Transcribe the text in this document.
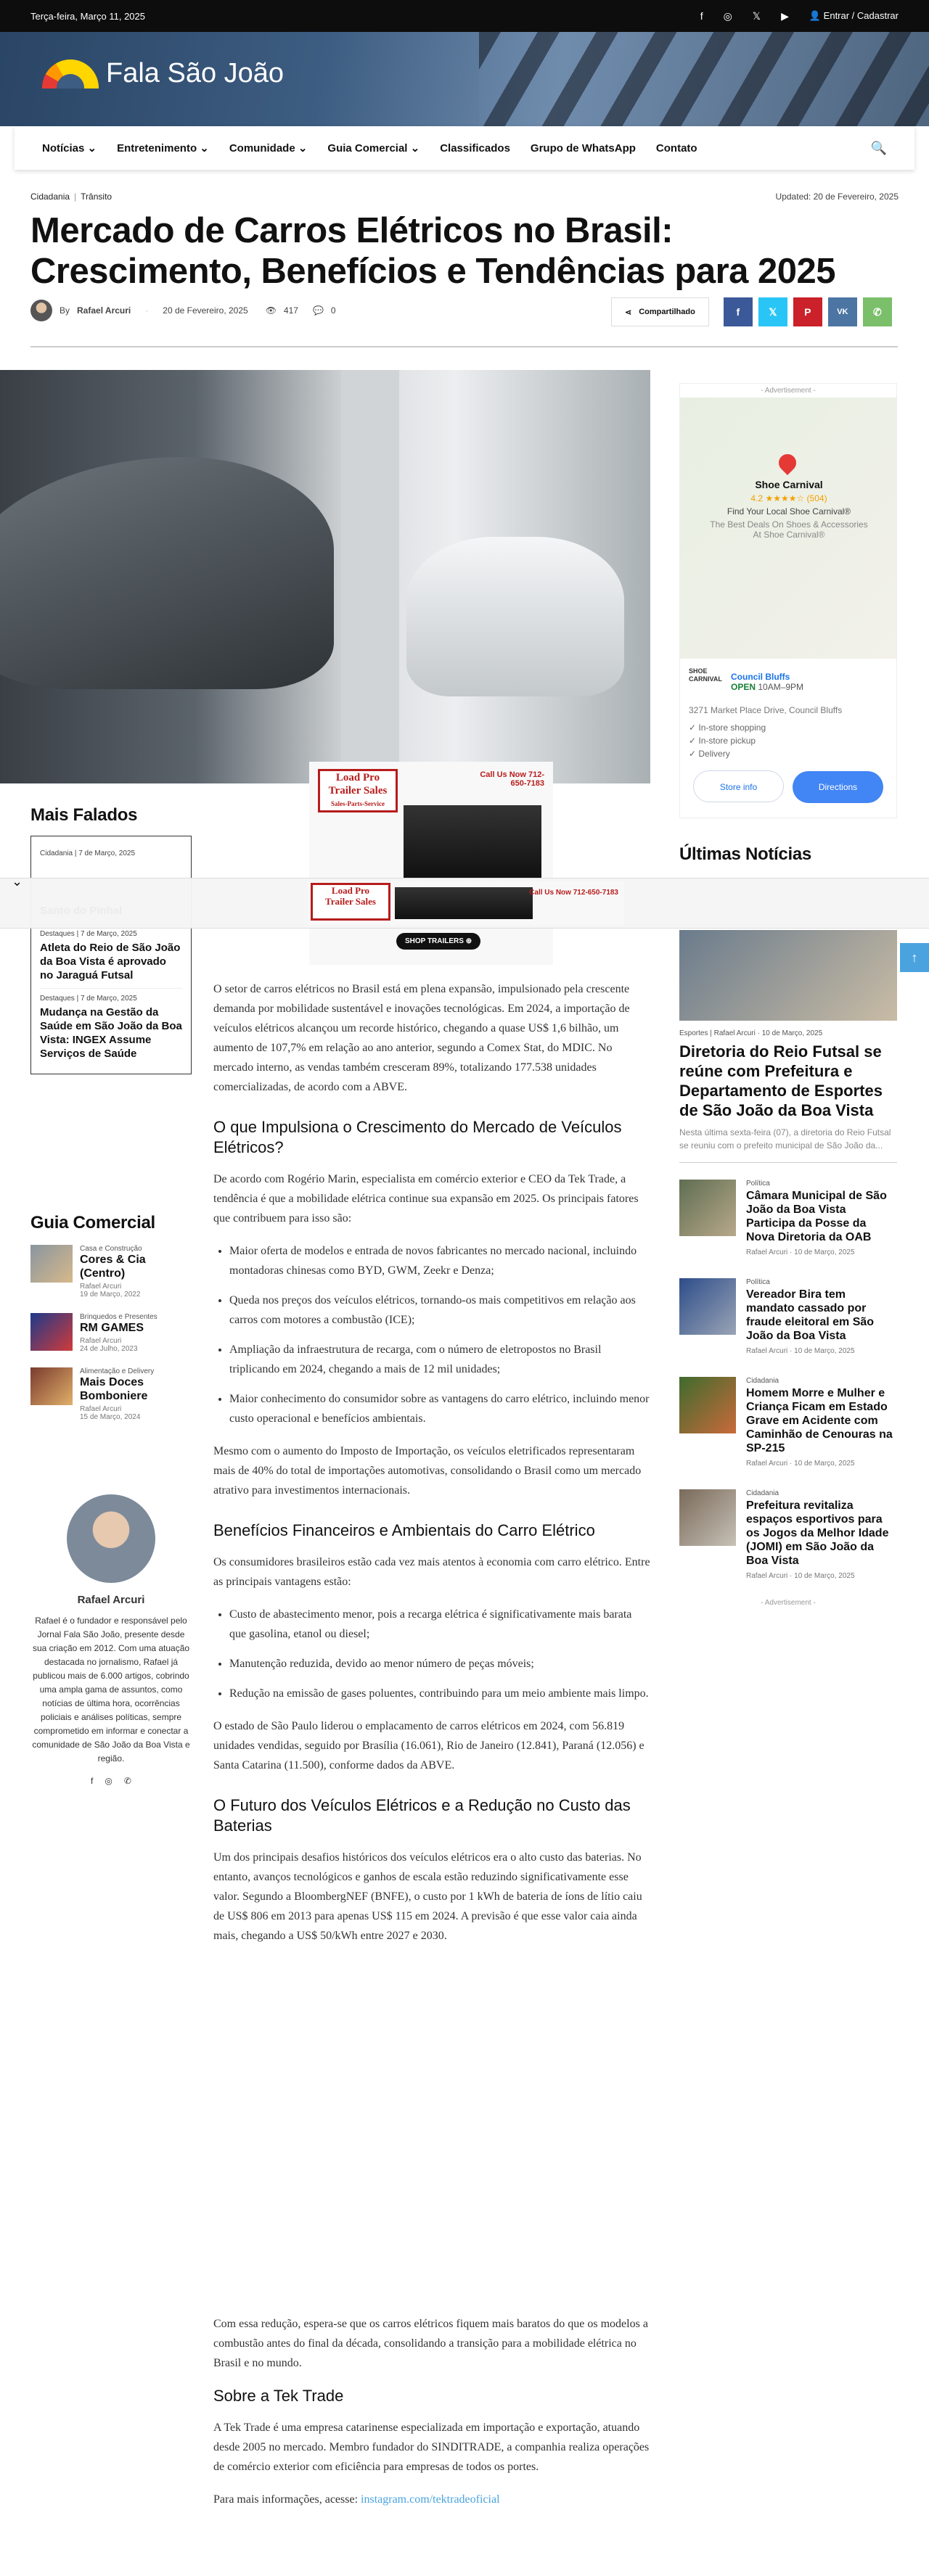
Terça-feira, Março 11, 2025	f ◎ 𝕏 ▶ 👤 Entrar / Cadastrar
Fala São João
Notícias ⌄ Entretenimento ⌄ Comunidade ⌄ Guia Comercial ⌄ Classificados Grupo de WhatsApp Contato	🔍
Cidadania | Trânsito	Updated: 20 de Fevereiro, 2025
Mercado de Carros Elétricos no Brasil: Crescimento, Benefícios e Tendências para 2025
By Rafael Arcuri · 20 de Fevereiro, 2025 👁 417 💬 0	⋖ Compartilhado	f	𝕏	P	VK	✆
- Advertisement -
Shoe Carnival
4.2 ★★★★☆ (504)
Find Your Local Shoe Carnival®
The Best Deals On Shoes & Accessories At Shoe Carnival®
SHOE
CARNIVAL Council Bluffs
OPEN 10AM–9PM
3271 Market Place Drive, Council Bluffs
✓ In-store shopping
✓ In-store pickup
✓ Delivery
Store info	Directions
Mais Falados
Cidadania | 7 de Março, 2025
Destaques | 7 de Março, 2025
Atleta do Reio de São João da Boa Vista é aprovado no Jaraguá Futsal
Destaques | 7 de Março, 2025
Mudança na Gestão da Saúde em São João da Boa Vista: INGEX Assume Serviços de Saúde
Load Pro
Trailer Sales
Sales-Parts-Service
Call Us Now 712-650-7183
SHOP TRAILERS ⊕
⌄
Load Pro
Trailer Sales
Call Us Now 712-650-7183
↑
Últimas Notícias
Esportes | Rafael Arcuri · 10 de Março, 2025
Diretoria do Reio Futsal se reúne com Prefeitura e Departamento de Esportes de São João da Boa Vista
Nesta última sexta-feira (07), a diretoria do Reio Futsal se reuniu com o prefeito municipal de São João da...
Política
Câmara Municipal de São João da Boa Vista Participa da Posse da Nova Diretoria da OAB
Rafael Arcuri · 10 de Março, 2025
Política
Vereador Bira tem mandato cassado por fraude eleitoral em São João da Boa Vista
Rafael Arcuri · 10 de Março, 2025
Cidadania
Homem Morre e Mulher e Criança Ficam em Estado Grave em Acidente com Caminhão de Cenouras na SP-215
Rafael Arcuri · 10 de Março, 2025
Cidadania
Prefeitura revitaliza espaços esportivos para os Jogos da Melhor Idade (JOMI) em São João da Boa Vista
Rafael Arcuri · 10 de Março, 2025
- Advertisement -

O setor de carros elétricos no Brasil está em plena expansão, impulsionado pela crescente demanda por mobilidade sustentável e inovações tecnológicas. Em 2024, a importação de veículos elétricos alcançou um recorde histórico, chegando a quase US$ 1,6 bilhão, um aumento de 107,7% em relação ao ano anterior, segundo a Comex Stat, do MDIC. No mercado interno, as vendas também cresceram 89%, totalizando 177.538 unidades comercializadas, de acordo com a ABVE.

O que Impulsiona o Crescimento do Mercado de Veículos Elétricos?

De acordo com Rogério Marin, especialista em comércio exterior e CEO da Tek Trade, a tendência é que a mobilidade elétrica continue sua expansão em 2025. Os principais fatores que contribuem para isso são:

• Maior oferta de modelos e entrada de novos fabricantes no mercado nacional, incluindo montadoras chinesas como BYD, GWM, Zeekr e Denza;
• Queda nos preços dos veículos elétricos, tornando-os mais competitivos em relação aos carros com motores a combustão (ICE);
• Ampliação da infraestrutura de recarga, com o número de eletropostos no Brasil triplicando em 2024, chegando a mais de 12 mil unidades;
• Maior conhecimento do consumidor sobre as vantagens do carro elétrico, incluindo menor custo operacional e benefícios ambientais.

Mesmo com o aumento do Imposto de Importação, os veículos eletrificados representaram mais de 40% do total de importações automotivas, consolidando o Brasil como um mercado atrativo para investimentos internacionais.

Benefícios Financeiros e Ambientais do Carro Elétrico

Os consumidores brasileiros estão cada vez mais atentos à economia com carro elétrico. Entre as principais vantagens estão:

• Custo de abastecimento menor, pois a recarga elétrica é significativamente mais barata que gasolina, etanol ou diesel;
• Manutenção reduzida, devido ao menor número de peças móveis;
• Redução na emissão de gases poluentes, contribuindo para um meio ambiente mais limpo.

O estado de São Paulo liderou o emplacamento de carros elétricos em 2024, com 56.819 unidades vendidas, seguido por Brasília (16.061), Rio de Janeiro (12.841), Paraná (12.056) e Santa Catarina (11.500), conforme dados da ABVE.

O Futuro dos Veículos Elétricos e a Redução no Custo das Baterias

Um dos principais desafios históricos dos veículos elétricos era o alto custo das baterias. No entanto, avanços tecnológicos e ganhos de escala estão reduzindo significativamente esse valor. Segundo a BloombergNEF (BNFE), o custo por 1 kWh de bateria de íons de lítio caiu de US$ 806 em 2013 para apenas US$ 115 em 2024. A previsão é que esse valor caia ainda mais, chegando a US$ 50/kWh entre 2027 e 2030.

Com essa redução, espera-se que os carros elétricos fiquem mais baratos do que os modelos a combustão antes do final da década, consolidando a transição para a mobilidade elétrica no Brasil e no mundo.

Sobre a Tek Trade

A Tek Trade é uma empresa catarinense especializada em importação e exportação, atuando desde 2005 no mercado. Membro fundador do SINDITRADE, a companhia realiza operações de comércio exterior com eficiência para empresas de todos os portes.

Para mais informações, acesse: instagram.com/tektradeoficial

Guia Comercial
Casa e Construção
Cores & Cia (Centro)
Rafael Arcuri
19 de Março, 2022
Brinquedos e Presentes
RM GAMES
Rafael Arcuri
24 de Julho, 2023
Alimentação e Delivery
Mais Doces Bomboniere
Rafael Arcuri
15 de Março, 2024
Rafael Arcuri
Rafael é o fundador e responsável pelo Jornal Fala São João, presente desde sua criação em 2012. Com uma atuação destacada no jornalismo, Rafael já publicou mais de 6.000 artigos, cobrindo uma ampla gama de assuntos, como notícias de última hora, ocorrências policiais e análises políticas, sempre comprometido em informar e conectar a comunidade de São João da Boa Vista e região.
f ◎ ✆
